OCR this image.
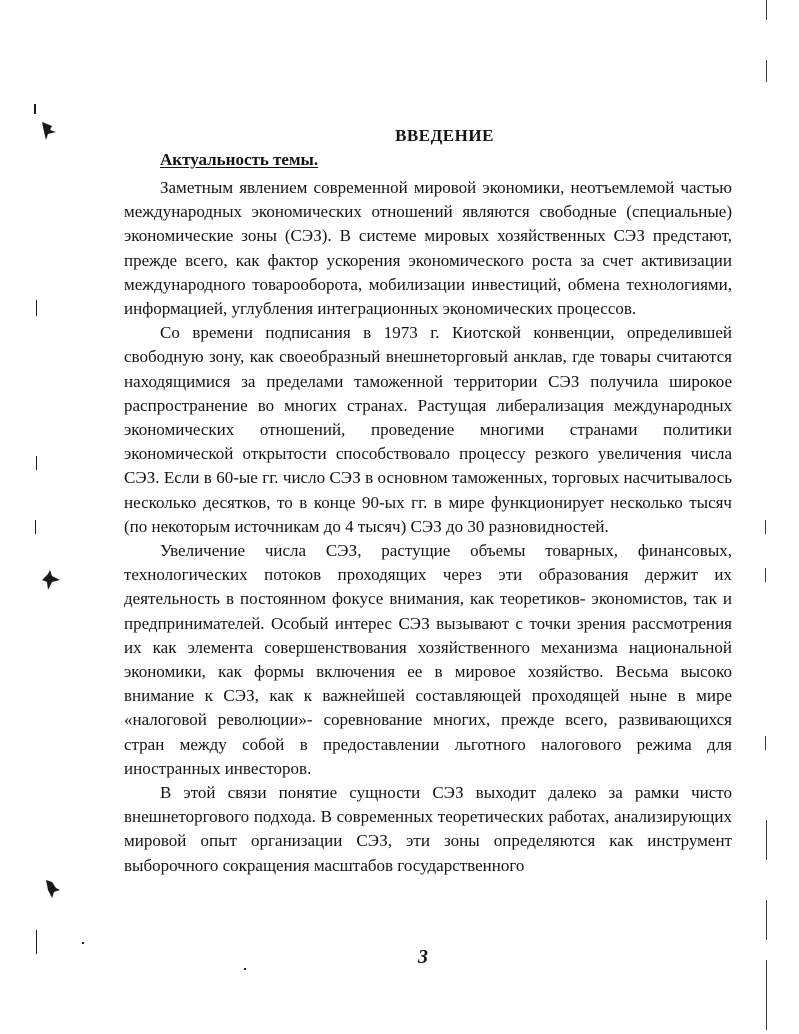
ВВЕДЕНИЕ
Актуальность темы.

Заметным явлением современной мировой экономики, неотъемлемой частью международных экономических отношений являются свободные (специальные) экономические зоны (СЭЗ). В системе мировых хозяйственных СЭЗ предстают, прежде всего, как фактор ускорения экономического роста за счет активизации международного товарооборота, мобилизации инвестиций, обмена технологиями, информацией, углубления интеграционных экономических процессов.

Со времени подписания в 1973 г. Киотской конвенции, определившей свободную зону, как своеобразный внешнеторговый анклав, где товары считаются находящимися за пределами таможенной территории СЭЗ получила широкое распространение во многих странах. Растущая либерализация международных экономических отношений, проведение многими странами политики экономической открытости способствовало процессу резкого увеличения числа СЭЗ. Если в 60-ые гг. число СЭЗ в основном таможенных, торговых насчитывалось несколько десятков, то в конце 90-ых гг. в мире функционирует несколько тысяч (по некоторым источникам до 4 тысяч) СЭЗ до 30 разновидностей.

Увеличение числа СЭЗ, растущие объемы товарных, финансовых, технологических потоков проходящих через эти образования держит их деятельность в постоянном фокусе внимания, как теоретиков- экономистов, так и предпринимателей. Особый интерес СЭЗ вызывают с точки зрения рассмотрения их как элемента совершенствования хозяйственного механизма национальной экономики, как формы включения ее в мировое хозяйство. Весьма высоко внимание к СЭЗ, как к важнейшей составляющей проходящей ныне в мире «налоговой революции»- соревнование многих, прежде всего, развивающихся стран между собой в предоставлении льготного налогового режима для иностранных инвесторов.

В этой связи понятие сущности СЭЗ выходит далеко за рамки чисто внешнеторгового подхода. В современных теоретических работах, анализирующих мировой опыт организации СЭЗ, эти зоны определяются как инструмент выборочного сокращения масштабов государственного

3
